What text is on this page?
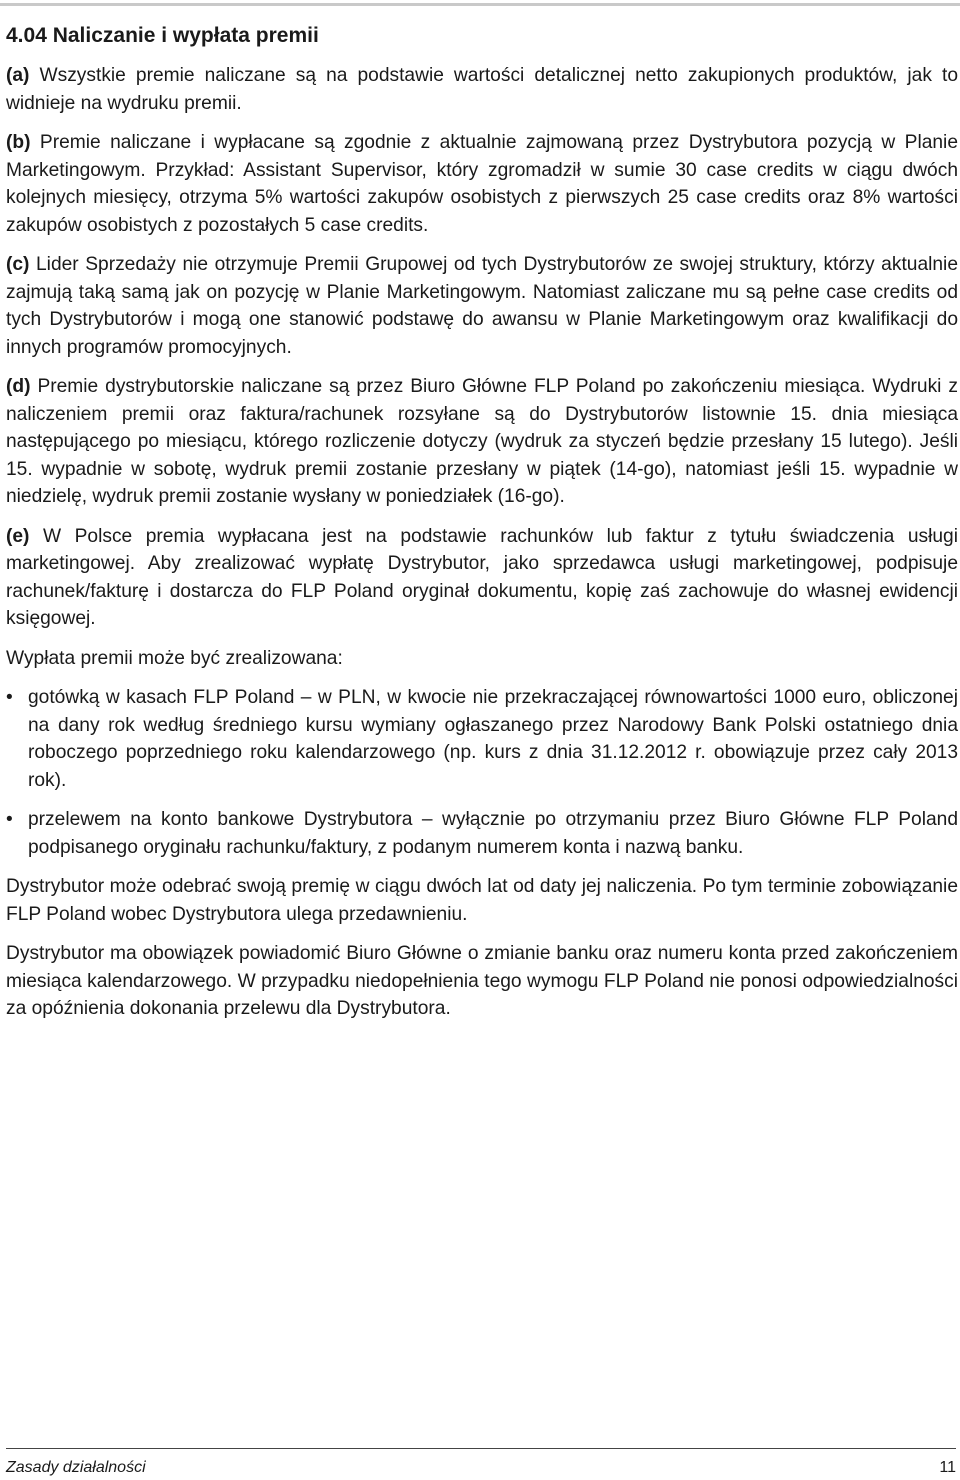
4.04 Naliczanie i wypłata premii

(a) Wszystkie premie naliczane są na podstawie wartości detalicznej netto zakupionych produktów, jak to widnieje na wydruku premii.

(b) Premie naliczane i wypłacane są zgodnie z aktualnie zajmowaną przez Dystrybutora pozycją w Planie Marketingowym. Przykład: Assistant Supervisor, który zgromadził w sumie 30 case credits w ciągu dwóch kolejnych miesięcy, otrzyma 5% wartości zakupów osobistych z pierwszych 25 case credits oraz 8% wartości zakupów osobistych z pozostałych 5 case credits.

(c) Lider Sprzedaży nie otrzymuje Premii Grupowej od tych Dystrybutorów ze swojej struktury, którzy aktualnie zajmują taką samą jak on pozycję w Planie Marketingowym. Natomiast zaliczane mu są pełne case credits od tych Dystrybutorów i mogą one stanowić podstawę do awansu w Planie Marketingowym oraz kwalifikacji do innych programów promocyjnych.

(d) Premie dystrybutorskie naliczane są przez Biuro Główne FLP Poland po zakończeniu miesiąca. Wydruki z naliczeniem premii oraz faktura/rachunek rozsyłane są do Dystrybutorów listownie 15. dnia miesiąca następującego po miesiącu, którego rozliczenie dotyczy (wydruk za styczeń będzie przesłany 15 lutego). Jeśli 15. wypadnie w sobotę, wydruk premii zostanie przesłany w piątek (14-go), natomiast jeśli 15. wypadnie w niedzielę, wydruk premii zostanie wysłany w poniedziałek (16-go).

(e) W Polsce premia wypłacana jest na podstawie rachunków lub faktur z tytułu świadczenia usługi marketingowej. Aby zrealizować wypłatę Dystrybutor, jako sprzedawca usługi marketingowej, podpisuje rachunek/fakturę i dostarcza do FLP Poland oryginał dokumentu, kopię zaś zachowuje do własnej ewidencji księgowej.

Wypłata premii może być zrealizowana:

• gotówką w kasach FLP Poland – w PLN, w kwocie nie przekraczającej równowartości 1000 euro, obliczonej na dany rok według średniego kursu wymiany ogłaszanego przez Narodowy Bank Polski ostatniego dnia roboczego poprzedniego roku kalendarzowego (np. kurs z dnia 31.12.2012 r. obowiązuje przez cały 2013 rok).
• przelewem na konto bankowe Dystrybutora – wyłącznie po otrzymaniu przez Biuro Główne FLP Poland podpisanego oryginału rachunku/faktury, z podanym numerem konta i nazwą banku.

Dystrybutor może odebrać swoją premię w ciągu dwóch lat od daty jej naliczenia. Po tym terminie zobowiązanie FLP Poland wobec Dystrybutora ulega przedawnieniu.

Dystrybutor ma obowiązek powiadomić Biuro Główne o zmianie banku oraz numeru konta przed zakończeniem miesiąca kalendarzowego. W przypadku niedopełnienia tego wymogu FLP Poland nie ponosi odpowiedzialności za opóźnienia dokonania przelewu dla Dystrybutora.

Zasady działalności	11
